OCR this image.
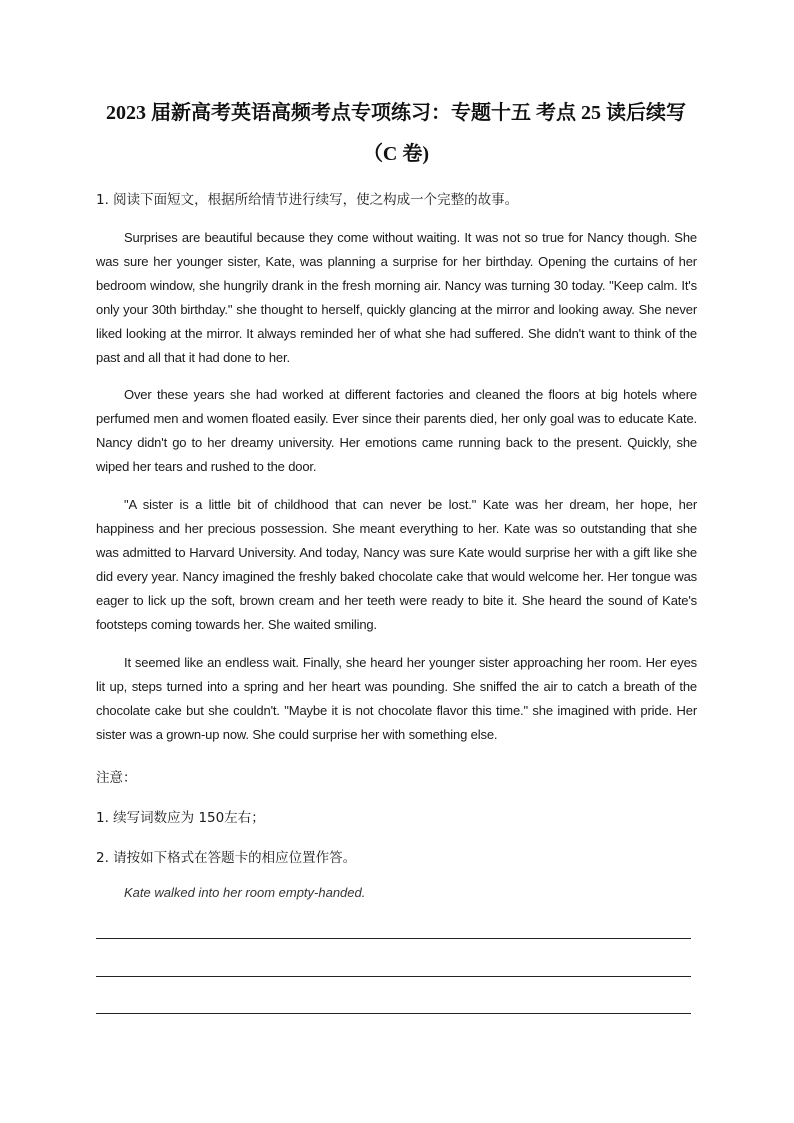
2023 届新高考英语高频考点专项练习：专题十五 考点 25 读后续写
（C 卷)
1. 阅读下面短文，根据所给情节进行续写，使之构成一个完整的故事。

Surprises are beautiful because they come without waiting. It was not so true for Nancy though. She was sure her younger sister, Kate, was planning a surprise for her birthday. Opening the curtains of her bedroom window, she hungrily drank in the fresh morning air. Nancy was turning 30 today. "Keep calm. It's only your 30th birthday." she thought to herself, quickly glancing at the mirror and looking away. She never liked looking at the mirror. It always reminded her of what she had suffered. She didn't want to think of the past and all that it had done to her.

Over these years she had worked at different factories and cleaned the floors at big hotels where perfumed men and women floated easily. Ever since their parents died, her only goal was to educate Kate. Nancy didn't go to her dreamy university. Her emotions came running back to the present. Quickly, she wiped her tears and rushed to the door.

"A sister is a little bit of childhood that can never be lost." Kate was her dream, her hope, her happiness and her precious possession. She meant everything to her. Kate was so outstanding that she was admitted to Harvard University. And today, Nancy was sure Kate would surprise her with a gift like she did every year. Nancy imagined the freshly baked chocolate cake that would welcome her. Her tongue was eager to lick up the soft, brown cream and her teeth were ready to bite it. She heard the sound of Kate's footsteps coming towards her. She waited smiling.

It seemed like an endless wait. Finally, she heard her younger sister approaching her room. Her eyes lit up, steps turned into a spring and her heart was pounding. She sniffed the air to catch a breath of the chocolate cake but she couldn't. "Maybe it is not chocolate flavor this time." she imagined with pride. Her sister was a grown-up now. She could surprise her with something else.

注意：
1. 续写词数应为 150左右；
2. 请按如下格式在答题卡的相应位置作答。
Kate walked into her room empty-handed.
